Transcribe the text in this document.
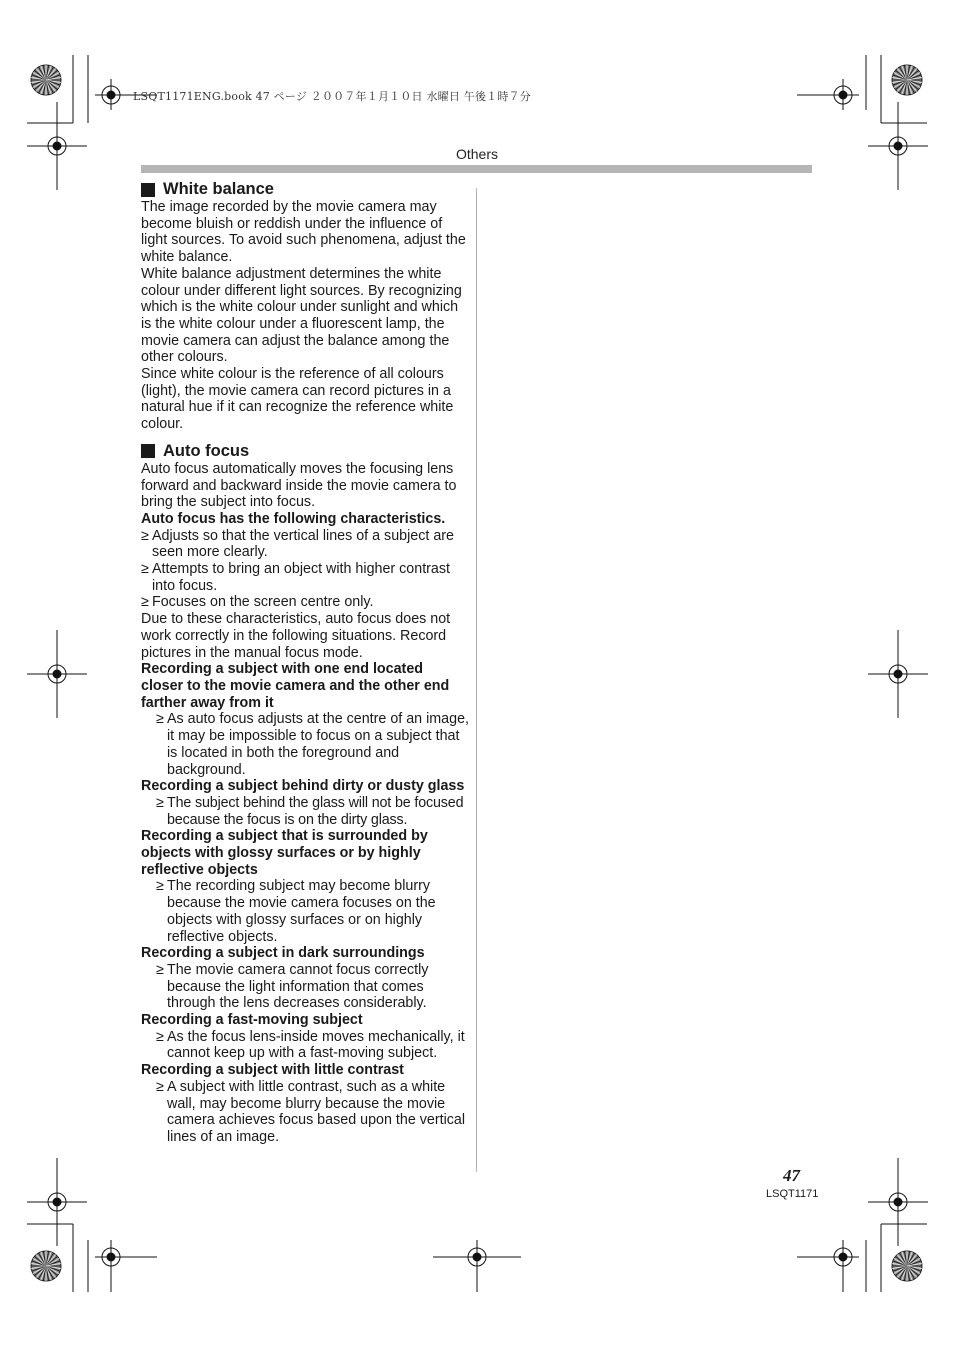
LSQT1171ENG.book 47 ページ ２００７年１月１０日 水曜日 午後１時７分
Others
White balance

The image recorded by the movie camera may become bluish or reddish under the influence of light sources. To avoid such phenomena, adjust the white balance.

White balance adjustment determines the white colour under different light sources. By recognizing which is the white colour under sunlight and which is the white colour under a fluorescent lamp, the movie camera can adjust the balance among the other colours.

Since white colour is the reference of all colours (light), the movie camera can record pictures in a natural hue if it can recognize the reference white colour.

Auto focus

Auto focus automatically moves the focusing lens forward and backward inside the movie camera to bring the subject into focus.

Auto focus has the following characteristics.

≥ Adjusts so that the vertical lines of a subject are seen more clearly.
≥ Attempts to bring an object with higher contrast into focus.
≥ Focuses on the screen centre only.

Due to these characteristics, auto focus does not work correctly in the following situations. Record pictures in the manual focus mode.

Recording a subject with one end located closer to the movie camera and the other end farther away from it

≥ As auto focus adjusts at the centre of an image, it may be impossible to focus on a subject that is located in both the foreground and background.

Recording a subject behind dirty or dusty glass

≥ The subject behind the glass will not be focused because the focus is on the dirty glass.

Recording a subject that is surrounded by objects with glossy surfaces or by highly reflective objects

≥ The recording subject may become blurry because the movie camera focuses on the objects with glossy surfaces or on highly reflective objects.

Recording a subject in dark surroundings

≥ The movie camera cannot focus correctly because the light information that comes through the lens decreases considerably.

Recording a fast-moving subject

≥ As the focus lens-inside moves mechanically, it cannot keep up with a fast-moving subject.

Recording a subject with little contrast

≥ A subject with little contrast, such as a white wall, may become blurry because the movie camera achieves focus based upon the vertical lines of an image.
47
LSQT1171
